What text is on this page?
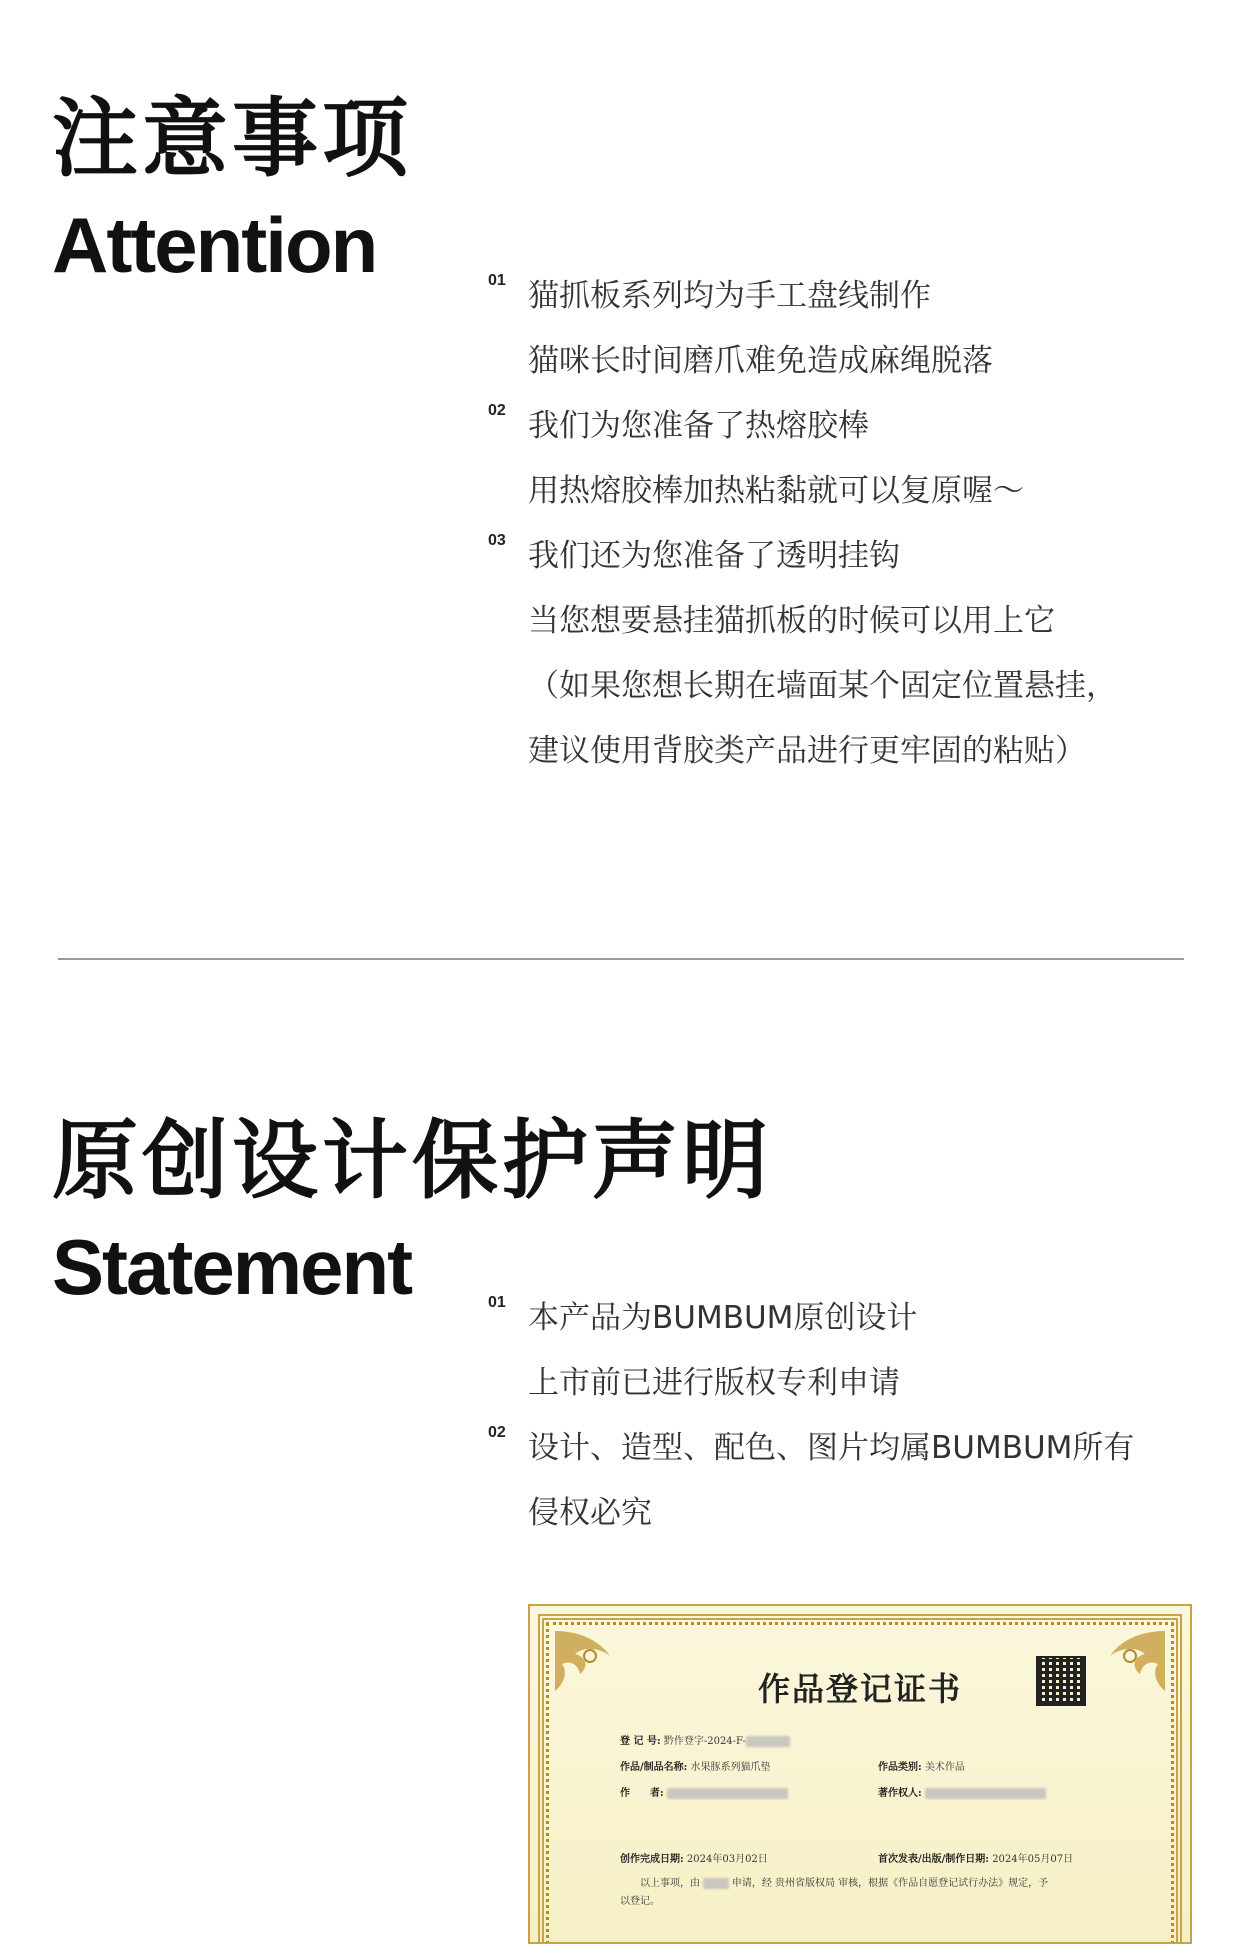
注意事项
Attention	01 猫抓板系列均为手工盘线制作
猫咪长时间磨爪难免造成麻绳脱落
02 我们为您准备了热熔胶棒
用热熔胶棒加热粘黏就可以复原喔～
03 我们还为您准备了透明挂钩
当您想要悬挂猫抓板的时候可以用上它
（如果您想长期在墙面某个固定位置悬挂，
建议使用背胶类产品进行更牢固的粘贴）
原创设计保护声明
Statement	01 本产品为BUMBUM原创设计
上市前已进行版权专利申请
02 设计、造型、配色、图片均属BUMBUM所有
侵权必究
作品登记证书
登 记 号: 黔作登字-2024-F-
作品/制品名称: 水果豚系列猫爪垫	作品类别: 美术作品
作　　者:	著作权人:
创作完成日期: 2024年03月02日	首次发表/出版/制作日期: 2024年05月07日
以上事项，由	申请，经 贵州省版权局 审核，根据《作品自愿登记试行办法》规定，予
以登记。
